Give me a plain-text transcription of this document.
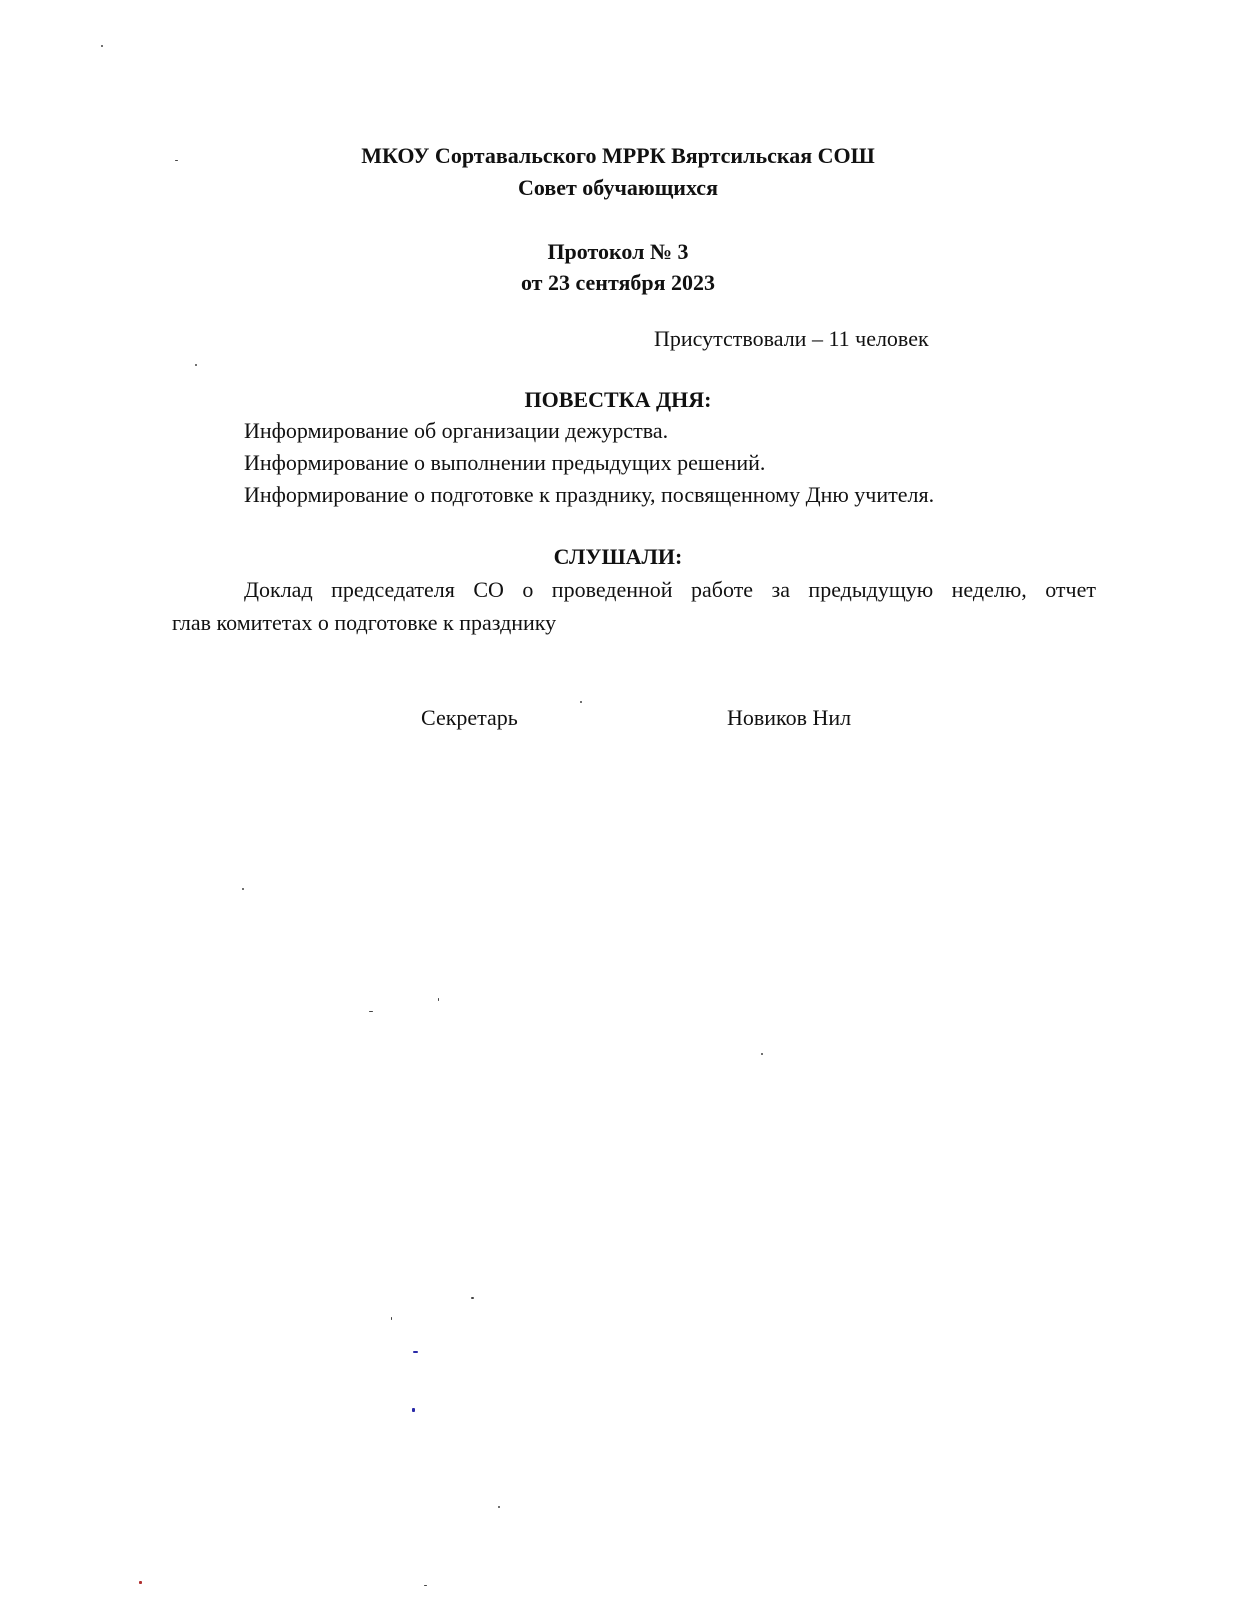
МКОУ Сортавальского МРРК Вяртсильская СОШ
Совет обучающихся
Протокол № 3
от 23 сентября 2023
Присутствовали – 11 человек
ПОВЕСТКА ДНЯ:
Информирование об организации дежурства.
Информирование о выполнении предыдущих решений.
Информирование о подготовке к празднику, посвященному Дню учителя.
СЛУШАЛИ:
Доклад председателя СО о проведенной работе за предыдущую неделю, отчет
глав комитетах о подготовке к празднику
Секретарь	Новиков Нил
